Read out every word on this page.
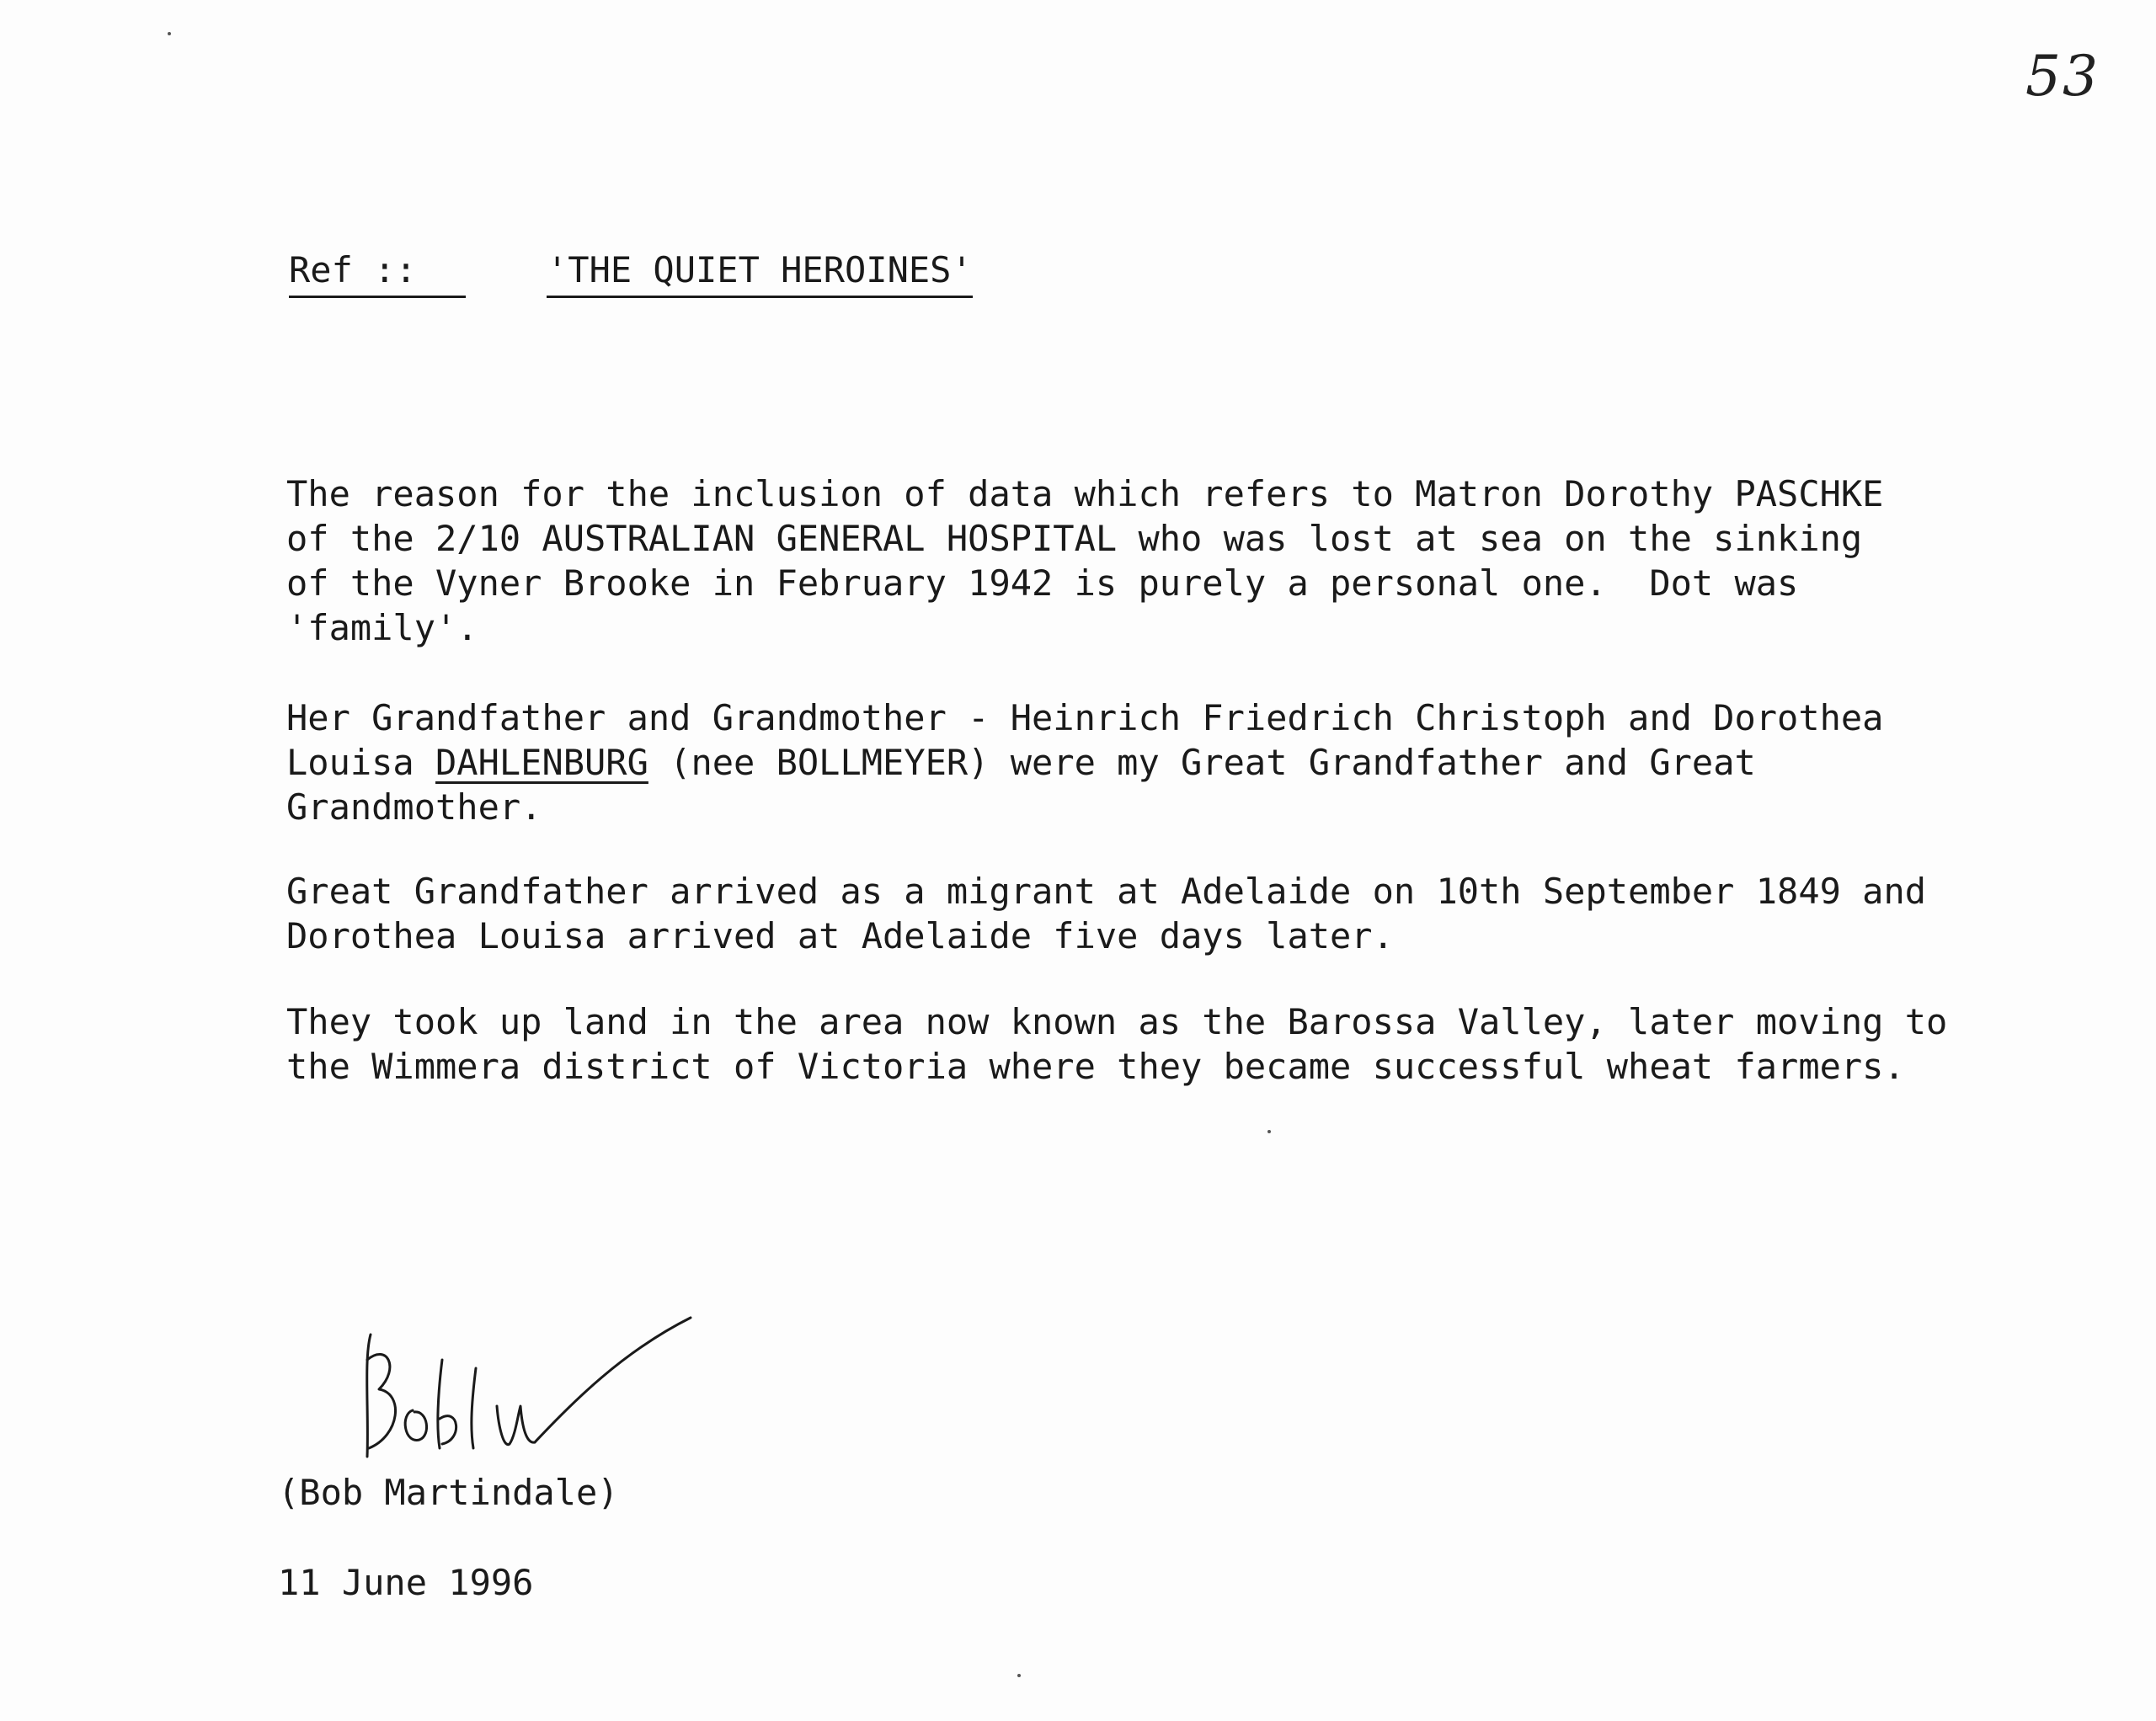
53
Ref ::	'THE QUIET HEROINES'
The reason for the inclusion of data which refers to Matron Dorothy PASCHKE
of the 2/10 AUSTRALIAN GENERAL HOSPITAL who was lost at sea on the sinking
of the Vyner Brooke in February 1942 is purely a personal one.  Dot was
'family'.
Her Grandfather and Grandmother - Heinrich Friedrich Christoph and Dorothea
Louisa DAHLENBURG (nee BOLLMEYER) were my Great Grandfather and Great
Grandmother.
Great Grandfather arrived as a migrant at Adelaide on 10th September 1849 and
Dorothea Louisa arrived at Adelaide five days later.
They took up land in the area now known as the Barossa Valley, later moving to
the Wimmera district of Victoria where they became successful wheat farmers.
(Bob Martindale)
11 June 1996
